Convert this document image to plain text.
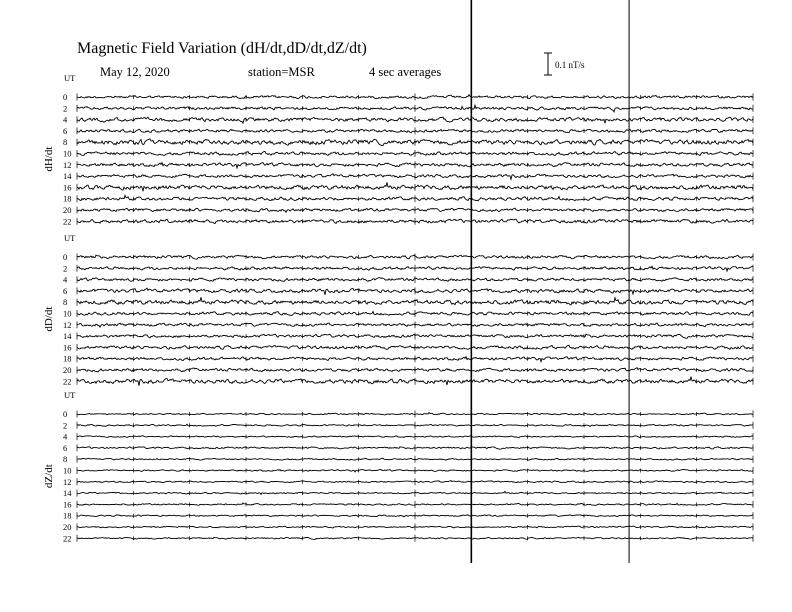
Magnetic Field Variation (dH/dt,dD/dt,dZ/dt)
May 12, 2020	station=MSR	4 sec averages	0.1 nT/s
UT
dH/dt
0
2
4
6
8
10
12
14
16
18
20
22
UT
dD/dt
0
2
4
6
8
10
12
14
16
18
20
22
UT
dZ/dt
0
2
4
6
8
10
12
14
16
18
20
22
